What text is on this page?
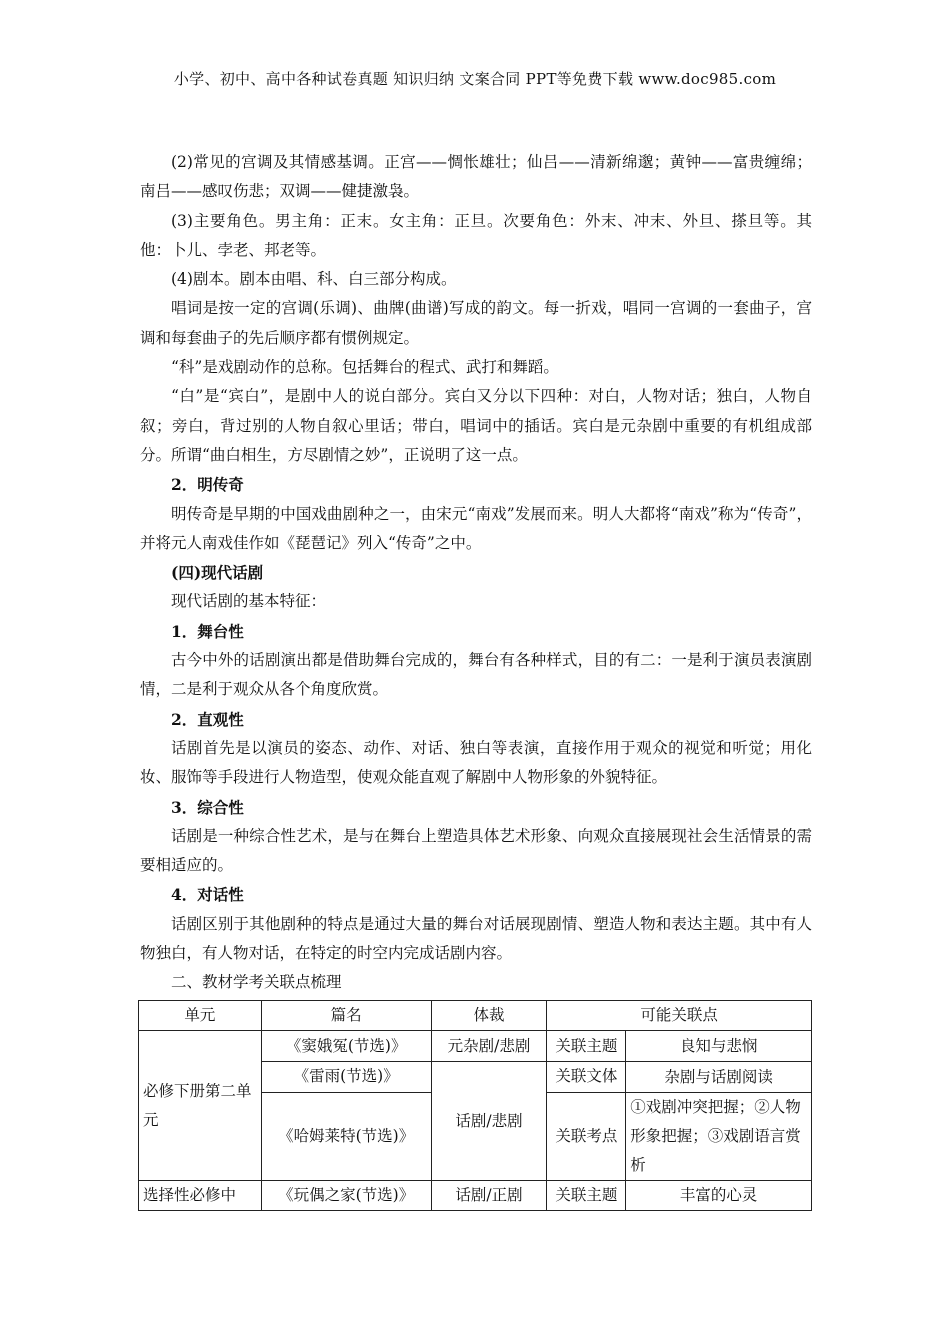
小学、初中、高中各种试卷真题 知识归纳 文案合同 PPT等免费下载 www.doc985.com

(2)常见的宫调及其情感基调。正宫——惆怅雄壮；仙吕——清新绵邈；黄钟——富贵缠绵；南吕——感叹伤悲；双调——健捷激袅。

(3)主要角色。男主角：正末。女主角：正旦。次要角色：外末、冲末、外旦、搽旦等。其他：卜儿、孛老、邦老等。

(4)剧本。剧本由唱、科、白三部分构成。

唱词是按一定的宫调(乐调)、曲牌(曲谱)写成的韵文。每一折戏，唱同一宫调的一套曲子，宫调和每套曲子的先后顺序都有惯例规定。

“科”是戏剧动作的总称。包括舞台的程式、武打和舞蹈。

“白”是“宾白”，是剧中人的说白部分。宾白又分以下四种：对白，人物对话；独白，人物自叙；旁白，背过别的人物自叙心里话；带白，唱词中的插话。宾白是元杂剧中重要的有机组成部分。所谓“曲白相生，方尽剧情之妙”，正说明了这一点。

2．明传奇

明传奇是早期的中国戏曲剧种之一，由宋元“南戏”发展而来。明人大都将“南戏”称为“传奇”，并将元人南戏佳作如《琵琶记》列入“传奇”之中。

(四)现代话剧

现代话剧的基本特征：

1．舞台性

古今中外的话剧演出都是借助舞台完成的，舞台有各种样式，目的有二：一是利于演员表演剧情，二是利于观众从各个角度欣赏。

2．直观性

话剧首先是以演员的姿态、动作、对话、独白等表演，直接作用于观众的视觉和听觉；用化妆、服饰等手段进行人物造型，使观众能直观了解剧中人物形象的外貌特征。

3．综合性

话剧是一种综合性艺术，是与在舞台上塑造具体艺术形象、向观众直接展现社会生活情景的需要相适应的。

4．对话性

话剧区别于其他剧种的特点是通过大量的舞台对话展现剧情、塑造人物和表达主题。其中有人物独白，有人物对话，在特定的时空内完成话剧内容。

二、教材学考关联点梳理

单元	篇名	体裁	可能关联点	
必修下册第二单元	《窦娥冤(节选)》	元杂剧/悲剧	关联主题	良知与悲悯
	《雷雨(节选)》	话剧/悲剧	关联文体	杂剧与话剧阅读
	《哈姆莱特(节选)》		关联考点	①戏剧冲突把握；②人物形象把握；③戏剧语言赏析
选择性必修中	《玩偶之家(节选)》	话剧/正剧	关联主题	丰富的心灵
